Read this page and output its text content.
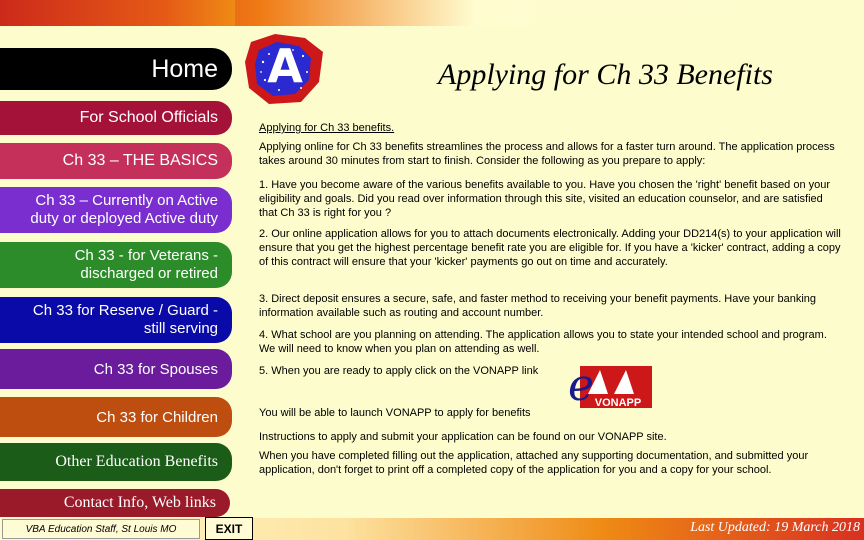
Home
For School Officials
Ch 33 – THE BASICS
Ch 33 – Currently on Active
duty or deployed Active duty
Ch 33 - for Veterans -
discharged or retired
Ch 33 for Reserve / Guard -
still serving
Ch 33 for Spouses
Ch 33 for Children
Other Education Benefits
Contact Info, Web links
A	Applying for Ch 33 Benefits

Applying for Ch 33 benefits.

Applying online for Ch 33 benefits streamlines the process and allows for a faster turn around. The application process takes around 30 minutes from start to finish. Consider the following as you prepare to apply:

1. Have you become aware of the various benefits available to you. Have you chosen the 'right' benefit based on your eligibility and goals. Did you read over information through this site, visited an education counselor, and are satisfied that Ch 33 is right for you ?

2. Our online application allows for you to attach documents electronically. Adding your DD214(s) to your application will ensure that you get the highest percentage benefit rate you are eligible for. If you have a 'kicker' contract, adding a copy of this contract will ensure that your 'kicker' payments go out on time and accurately.

3. Direct deposit ensures a secure, safe, and faster method to receiving your benefit payments. Have your banking information available such as routing and account number.

4. What school are you planning on attending. The application allows you to state your intended school and program. We will need to know when you plan on attending as well.

5. When you are ready to apply click on the VONAPP link

You will be able to launch VONAPP to apply for benefits

Instructions to apply and submit your application can be found on our VONAPP site.

When you have completed filling out the application, attached any supporting documentation, and submitted your application, don't forget to print off a completed copy of the application for you and a copy for your school.

e VONAPP
VBA Education Staff, St Louis MO	EXIT	Last Updated: 19 March 2018
